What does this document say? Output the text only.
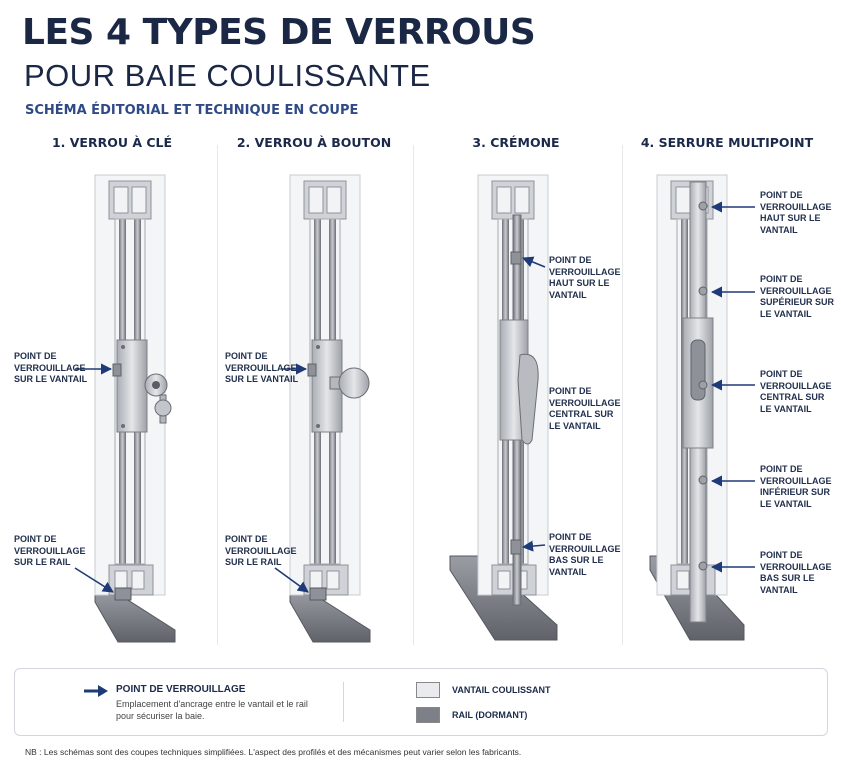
LES 4 TYPES DE VERROUS
POUR BAIE COULISSANTE
SCHÉMA ÉDITORIAL ET TECHNIQUE EN COUPE
1. VERROU À CLÉ	2. VERROU À BOUTON	3. CRÉMONE	4. SERRURE MULTIPOINT
POINT DE
VERROUILLAGE
SUR LE VANTAIL
POINT DE
VERROUILLAGE
SUR LE RAIL
POINT DE
VERROUILLAGE
SUR LE VANTAIL
POINT DE
VERROUILLAGE
SUR LE RAIL
POINT DE
VERROUILLAGE
HAUT SUR LE
VANTAIL
POINT DE
VERROUILLAGE
CENTRAL SUR
LE VANTAIL
POINT DE
VERROUILLAGE
BAS SUR LE
VANTAIL
POINT DE
VERROUILLAGE
HAUT SUR LE
VANTAIL
POINT DE
VERROUILLAGE
SUPÉRIEUR SUR
LE VANTAIL
POINT DE
VERROUILLAGE
CENTRAL SUR
LE VANTAIL
POINT DE
VERROUILLAGE
INFÉRIEUR SUR
LE VANTAIL
POINT DE
VERROUILLAGE
BAS SUR LE
VANTAIL
POINT DE VERROUILLAGE
Emplacement d'ancrage entre le vantail et le rail pour sécuriser la baie.
VANTAIL COULISSANT
RAIL (DORMANT)
NB : Les schémas sont des coupes techniques simplifiées. L'aspect des profilés et des mécanismes peut varier selon les fabricants.
